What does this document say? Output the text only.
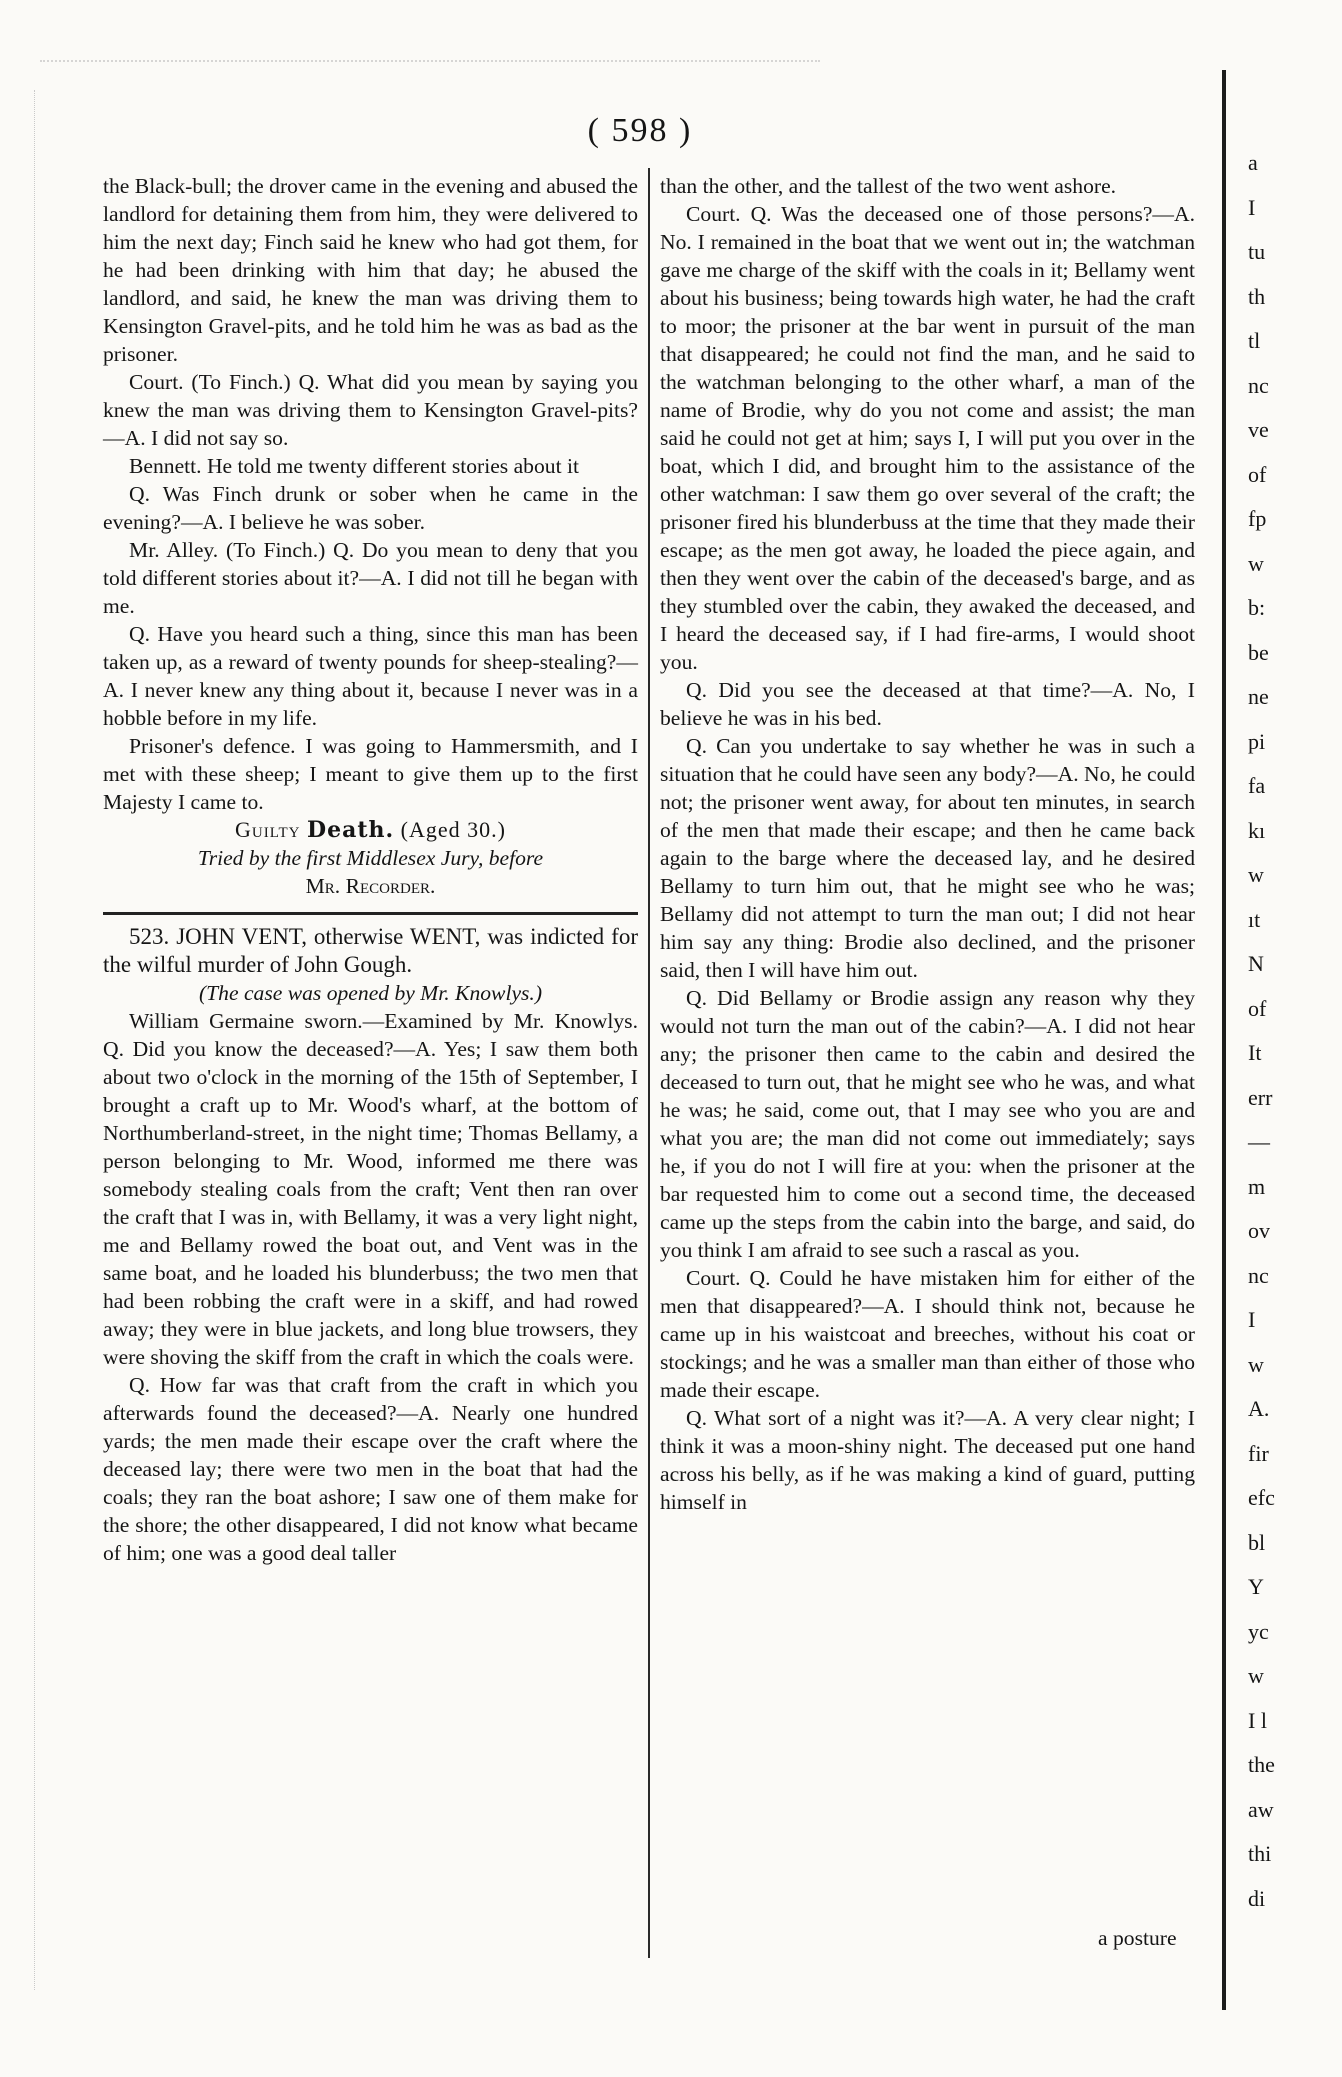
( 598 )

the Black-bull; the drover came in the evening and abused the landlord for detaining them from him, they were delivered to him the next day; Finch said he knew who had got them, for he had been drinking with him that day; he abused the landlord, and said, he knew the man was driving them to Kensington Gravel-pits, and he told him he was as bad as the prisoner.

Court. (To Finch.) Q. What did you mean by saying you knew the man was driving them to Kensington Gravel-pits?—A. I did not say so.

Bennett. He told me twenty different stories about it

Q. Was Finch drunk or sober when he came in the evening?—A. I believe he was sober.

Mr. Alley. (To Finch.) Q. Do you mean to deny that you told different stories about it?—A. I did not till he began with me.

Q. Have you heard such a thing, since this man has been taken up, as a reward of twenty pounds for sheep-stealing?—A. I never knew any thing about it, because I never was in a hobble before in my life.

Prisoner's defence. I was going to Hammersmith, and I met with these sheep; I meant to give them up to the first Majesty I came to.

Guilty Death. (Aged 30.)

Tried by the first Middlesex Jury, before

Mr. Recorder.

523. JOHN VENT, otherwise WENT, was indicted for the wilful murder of John Gough.

(The case was opened by Mr. Knowlys.)

William Germaine sworn.—Examined by Mr. Knowlys. Q. Did you know the deceased?—A. Yes; I saw them both about two o'clock in the morning of the 15th of September, I brought a craft up to Mr. Wood's wharf, at the bottom of Northumberland-street, in the night time; Thomas Bellamy, a person belonging to Mr. Wood, informed me there was somebody stealing coals from the craft; Vent then ran over the craft that I was in, with Bellamy, it was a very light night, me and Bellamy rowed the boat out, and Vent was in the same boat, and he loaded his blunderbuss; the two men that had been robbing the craft were in a skiff, and had rowed away; they were in blue jackets, and long blue trowsers, they were shoving the skiff from the craft in which the coals were.

Q. How far was that craft from the craft in which you afterwards found the deceased?—A. Nearly one hundred yards; the men made their escape over the craft where the deceased lay; there were two men in the boat that had the coals; they ran the boat ashore; I saw one of them make for the shore; the other disappeared, I did not know what became of him; one was a good deal taller

than the other, and the tallest of the two went ashore.

Court. Q. Was the deceased one of those persons?—A. No. I remained in the boat that we went out in; the watchman gave me charge of the skiff with the coals in it; Bellamy went about his business; being towards high water, he had the craft to moor; the prisoner at the bar went in pursuit of the man that disappeared; he could not find the man, and he said to the watchman belonging to the other wharf, a man of the name of Brodie, why do you not come and assist; the man said he could not get at him; says I, I will put you over in the boat, which I did, and brought him to the assistance of the other watchman: I saw them go over several of the craft; the prisoner fired his blunderbuss at the time that they made their escape; as the men got away, he loaded the piece again, and then they went over the cabin of the deceased's barge, and as they stumbled over the cabin, they awaked the deceased, and I heard the deceased say, if I had fire-arms, I would shoot you.

Q. Did you see the deceased at that time?—A. No, I believe he was in his bed.

Q. Can you undertake to say whether he was in such a situation that he could have seen any body?—A. No, he could not; the prisoner went away, for about ten minutes, in search of the men that made their escape; and then he came back again to the barge where the deceased lay, and he desired Bellamy to turn him out, that he might see who he was; Bellamy did not attempt to turn the man out; I did not hear him say any thing: Brodie also declined, and the prisoner said, then I will have him out.

Q. Did Bellamy or Brodie assign any reason why they would not turn the man out of the cabin?—A. I did not hear any; the prisoner then came to the cabin and desired the deceased to turn out, that he might see who he was, and what he was; he said, come out, that I may see who you are and what you are; the man did not come out immediately; says he, if you do not I will fire at you: when the prisoner at the bar requested him to come out a second time, the deceased came up the steps from the cabin into the barge, and said, do you think I am afraid to see such a rascal as you.

Court. Q. Could he have mistaken him for either of the men that disappeared?—A. I should think not, because he came up in his waistcoat and breeches, without his coat or stockings; and he was a smaller man than either of those who made their escape.

Q. What sort of a night was it?—A. A very clear night; I think it was a moon-shiny night. The deceased put one hand across his belly, as if he was making a kind of guard, putting himself in

a posture
a
I
tu
th
tl
nc
ve
of
fp
w
b:
be
ne
pi
fa
kı
w
ıt
N
of
It
err
—
m
ov
nc
I
w
A.
fir
efc
bl
Y
yc
w
I l
the
aw
thi
di
